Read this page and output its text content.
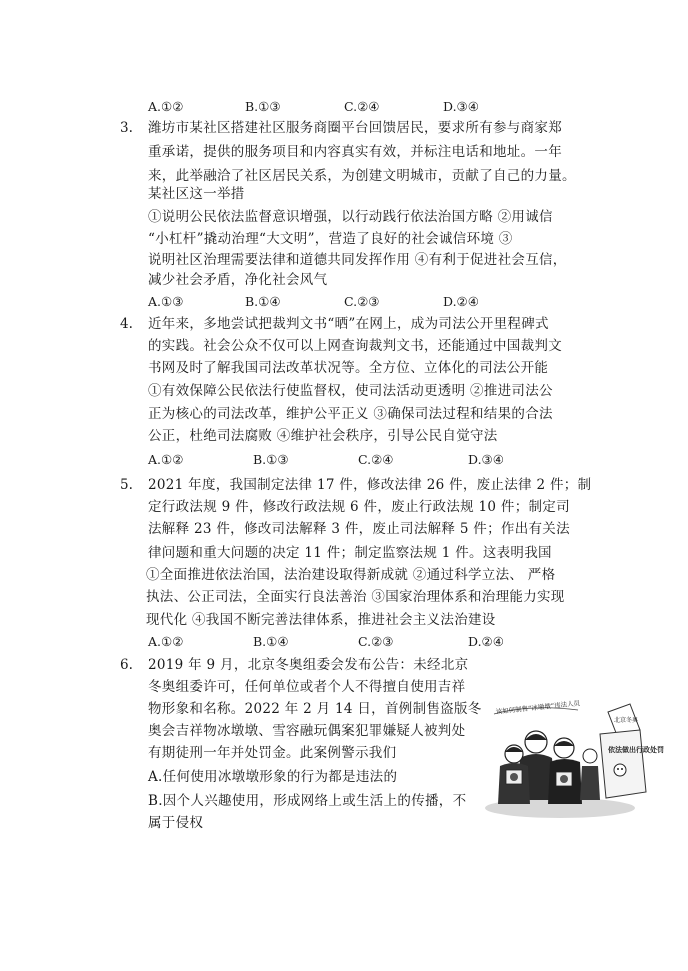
A.①②	B.①③	C.②④	D.③④
3. 潍坊市某社区搭建社区服务商圈平台回馈居民，要求所有参与商家郑
重承诺，提供的服务项目和内容真实有效，并标注电话和地址。一年
来，此举融洽了社区居民关系，为创建文明城市，贡献了自己的力量。
某社区这一举措
①说明公民依法监督意识增强，以行动践行依法治国方略 ②用诚信
“小杠杆”撬动治理“大文明”，营造了良好的社会诚信环境 ③
说明社区治理需要法律和道德共同发挥作用 ④有利于促进社会互信，
减少社会矛盾，净化社会风气
A.①③	B.①④	C.②③	D.②④
4. 近年来，多地尝试把裁判文书“晒”在网上，成为司法公开里程碑式
的实践。社会公众不仅可以上网查询裁判文书，还能通过中国裁判文
书网及时了解我国司法改革状况等。全方位、立体化的司法公开能
①有效保障公民依法行使监督权，使司法活动更透明 ②推进司法公
正为核心的司法改革，维护公平正义 ③确保司法过程和结果的合法
公正，杜绝司法腐败 ④维护社会秩序，引导公民自觉守法
A.①②	B.①③	C.②④	D.③④
5. 2021 年度，我国制定法律 17 件，修改法律 26 件，废止法律 2 件；制
定行政法规 9 件，修改行政法规 6 件，废止行政法规 10 件；制定司
法解释 23 件，修改司法解释 3 件，废止司法解释 5 件；作出有关法
律问题和重大问题的决定 11 件；制定监察法规 1 件。这表明我国
①全面推进依法治国，法治建设取得新成就 ②通过科学立法、 严格
执法、公正司法，全面实行良法善治 ③国家治理体系和治理能力实现
现代化 ④我国不断完善法律体系，推进社会主义法治建设
A.①②	B.①④	C.②③	D.②④
6. 2019 年 9 月，北京冬奥组委会发布公告：未经北京
冬奥组委许可，任何单位或者个人不得擅自使用吉祥
物形象和名称。2022 年 2 月 14 日，首例制售盗版冬
奥会吉祥物冰墩墩、雪容融玩偶案犯罪嫌疑人被判处
有期徒刑一年并处罚金。此案例警示我们
A.任何使用冰墩墩形象的行为都是违法的
B.因个人兴趣使用，形成网络上或生活上的传播，不
属于侵权
该如何制售“冰墩墩”违法人员
北京冬奥
依法做出行政处罚
